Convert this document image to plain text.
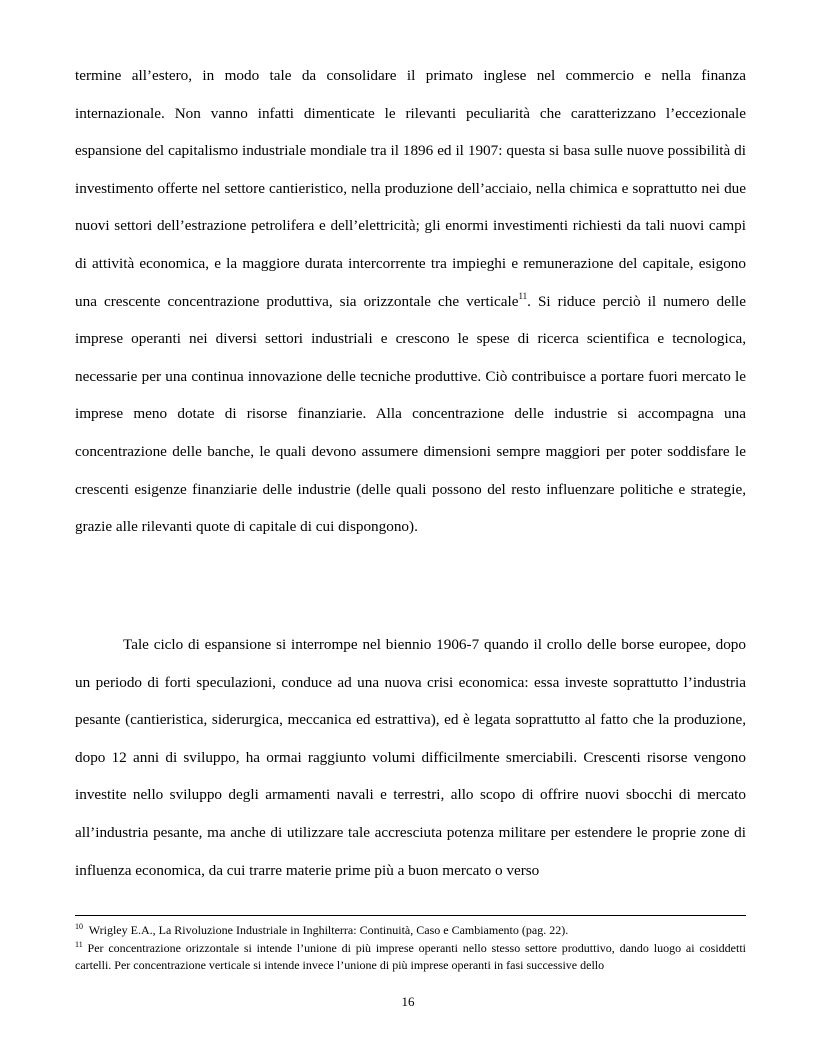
termine all’estero, in modo tale da consolidare il primato inglese nel commercio e nella finanza internazionale. Non vanno infatti dimenticate le rilevanti peculiarità che caratterizzano l’eccezionale espansione del capitalismo industriale mondiale tra il 1896 ed il 1907: questa si basa sulle nuove possibilità di investimento offerte nel settore cantieristico, nella produzione dell’acciaio, nella chimica e soprattutto nei due nuovi settori dell’estrazione petrolifera e dell’elettricità; gli enormi investimenti richiesti da tali nuovi campi di attività economica, e la maggiore durata intercorrente tra impieghi e remunerazione del capitale, esigono una crescente concentrazione produttiva, sia orizzontale che verticale$^{11}$. Si riduce perciò il numero delle imprese operanti nei diversi settori industriali e crescono le spese di ricerca scientifica e tecnologica, necessarie per una continua innovazione delle tecniche produttive. Ciò contribuisce a portare fuori mercato le imprese meno dotate di risorse finanziarie. Alla concentrazione delle industrie si accompagna una concentrazione delle banche, le quali devono assumere dimensioni sempre maggiori per poter soddisfare le crescenti esigenze finanziarie delle industrie (delle quali possono del resto influenzare politiche e strategie, grazie alle rilevanti quote di capitale di cui dispongono).

Tale ciclo di espansione si interrompe nel biennio 1906-7 quando il crollo delle borse europee, dopo un periodo di forti speculazioni, conduce ad una nuova crisi economica: essa investe soprattutto l’industria pesante (cantieristica, siderurgica, meccanica ed estrattiva), ed è legata soprattutto al fatto che la produzione, dopo 12 anni di sviluppo, ha ormai raggiunto volumi difficilmente smerciabili. Crescenti risorse vengono investite nello sviluppo degli armamenti navali e terrestri, allo scopo di offrire nuovi sbocchi di mercato all’industria pesante, ma anche di utilizzare tale accresciuta potenza militare per estendere le proprie zone di influenza economica, da cui trarre materie prime più a buon mercato o verso

$^{10}$ Wrigley E.A., La Rivoluzione Industriale in Inghilterra: Continuità, Caso e Cambiamento (pag. 22).

$^{11}$ Per concentrazione orizzontale si intende l’unione di più imprese operanti nello stesso settore produttivo, dando luogo ai cosiddetti cartelli. Per concentrazione verticale si intende invece l’unione di più imprese operanti in fasi successive dello

16
